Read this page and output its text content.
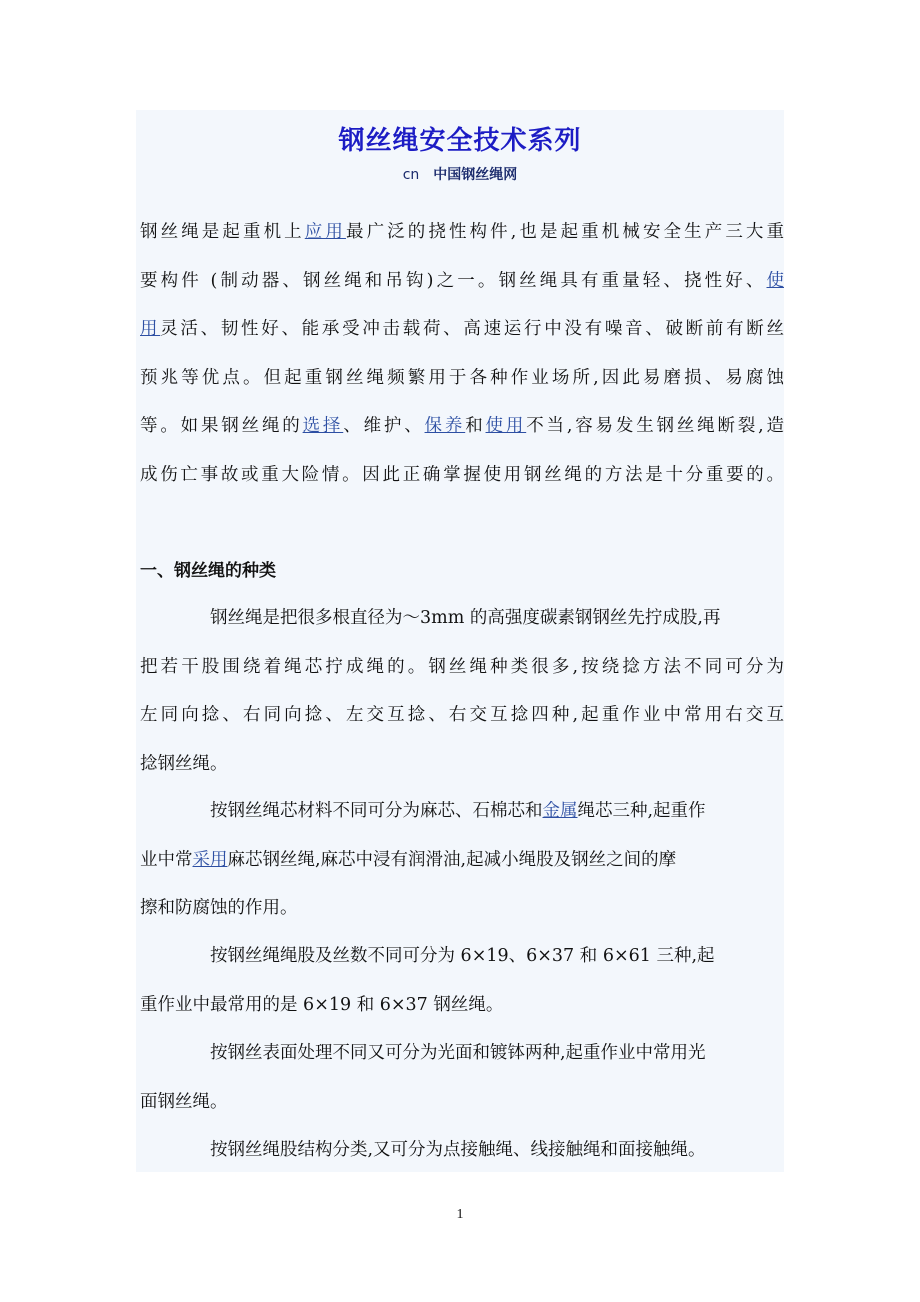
钢丝绳安全技术系列
cn 中国钢丝绳网
钢丝绳是起重机上应用最广泛的挠性构件,也是起重机械安全生产三大重
要构件 (制动器、钢丝绳和吊钩)之一。钢丝绳具有重量轻、挠性好、使
用灵活、韧性好、能承受冲击载荷、高速运行中没有噪音、破断前有断丝
预兆等优点。但起重钢丝绳频繁用于各种作业场所,因此易磨损、易腐蚀
等。如果钢丝绳的选择、维护、保养和使用不当,容易发生钢丝绳断裂,造
成伤亡事故或重大险情。因此正确掌握使用钢丝绳的方法是十分重要的。
一、钢丝绳的种类
钢丝绳是把很多根直径为～3mm 的高强度碳素钢钢丝先拧成股,再
把若干股围绕着绳芯拧成绳的。钢丝绳种类很多,按绕捻方法不同可分为
左同向捻、右同向捻、左交互捻、右交互捻四种,起重作业中常用右交互
捻钢丝绳。
按钢丝绳芯材料不同可分为麻芯、石棉芯和金属绳芯三种,起重作
业中常采用麻芯钢丝绳,麻芯中浸有润滑油,起减小绳股及钢丝之间的摩
擦和防腐蚀的作用。
按钢丝绳绳股及丝数不同可分为 6×19、6×37 和 6×61 三种,起
重作业中最常用的是 6×19 和 6×37 钢丝绳。
按钢丝表面处理不同又可分为光面和镀钵两种,起重作业中常用光
面钢丝绳。
按钢丝绳股结构分类,又可分为点接触绳、线接触绳和面接触绳。
1
